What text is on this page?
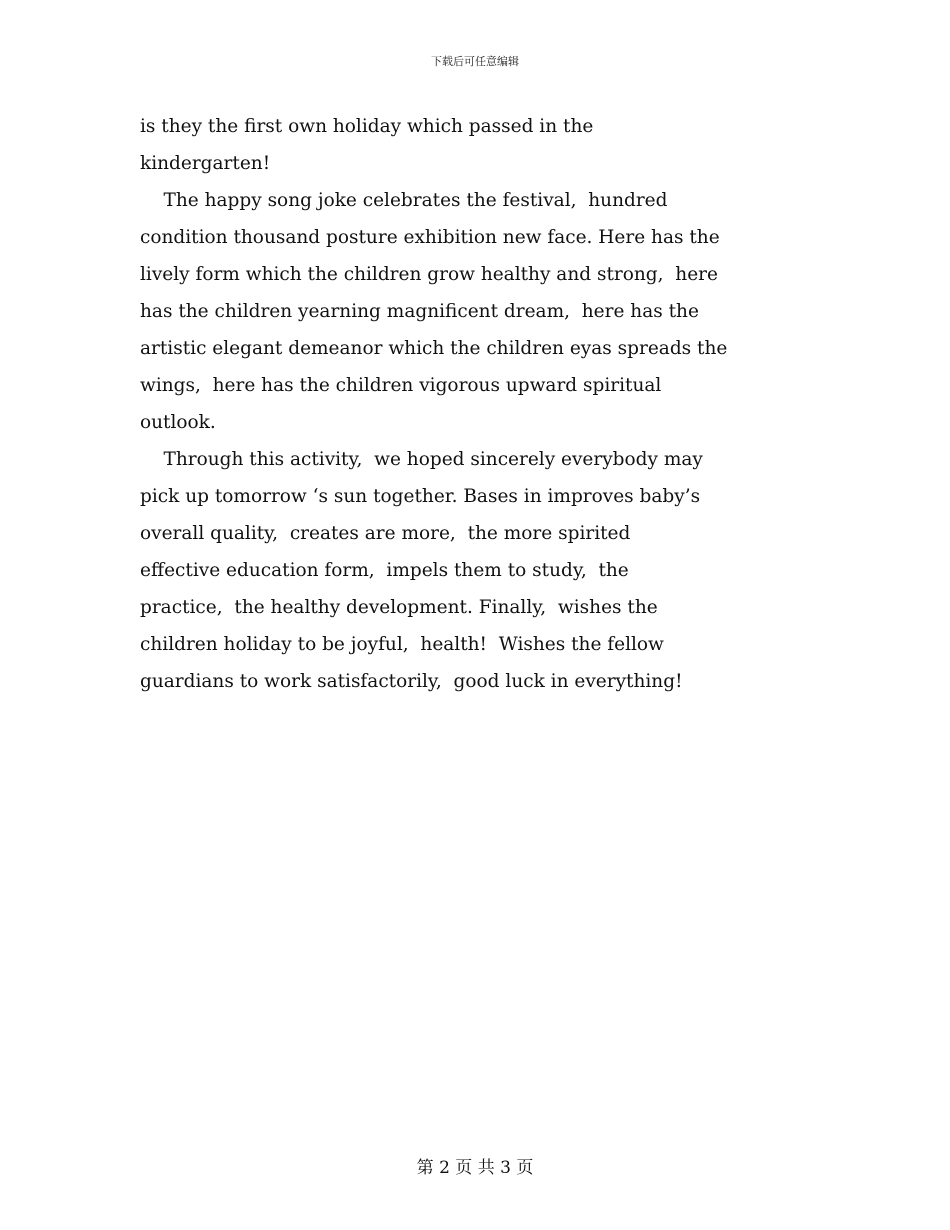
下载后可任意编辑
is they the first own holiday which passed in the
kindergarten!
The happy song joke celebrates the festival,  hundred
condition thousand posture exhibition new face. Here has the
lively form which the children grow healthy and strong,  here
has the children yearning magnificent dream,  here has the
artistic elegant demeanor which the children eyas spreads the
wings,  here has the children vigorous upward spiritual
outlook.
Through this activity,  we hoped sincerely everybody may
pick up tomorrow ‘s sun together. Bases in improves baby’s
overall quality,  creates are more,  the more spirited
effective education form,  impels them to study,  the
practice,  the healthy development. Finally,  wishes the
children holiday to be joyful,  health!  Wishes the fellow
guardians to work satisfactorily,  good luck in everything!
第 2 页 共 3 页
